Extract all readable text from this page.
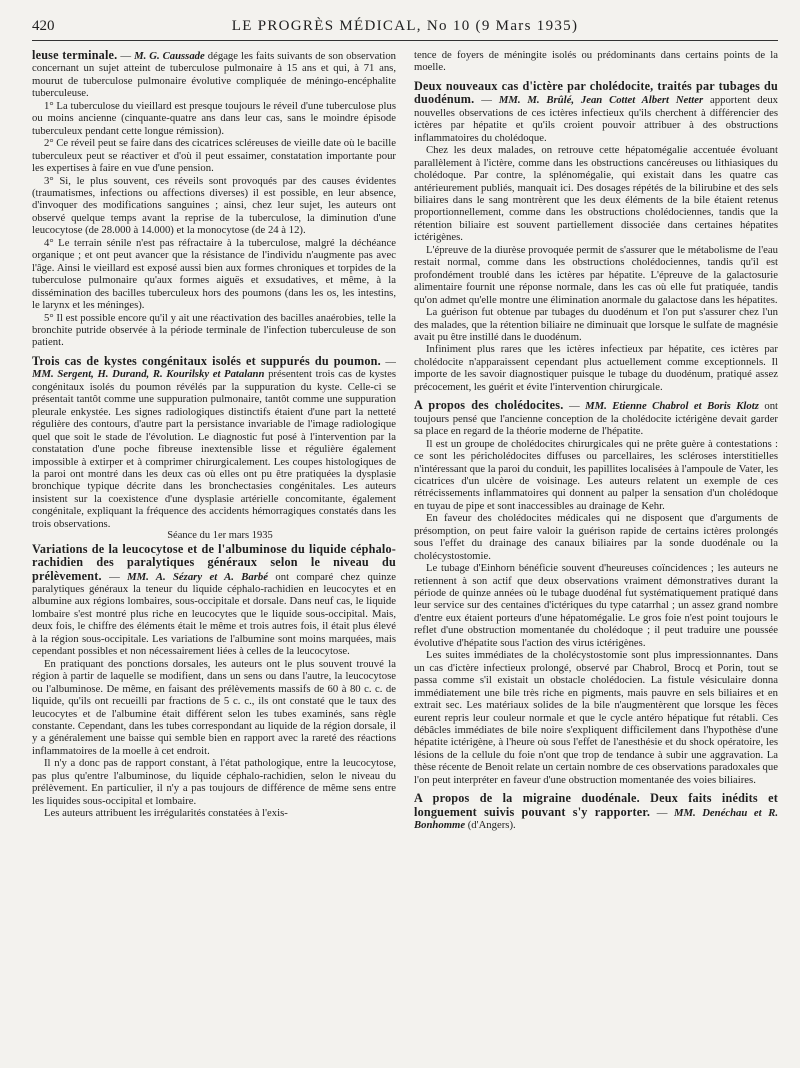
420	LE PROGRÈS MÉDICAL, No 10 (9 Mars 1935)

leuse terminale. — M. G. Caussade dégage les faits suivants de son observation concernant un sujet atteint de tuberculose pulmonaire à 15 ans et qui, à 71 ans, mourut de tuberculose pulmonaire évolutive compliquée de méningo-encéphalite tuberculeuse.

1° La tuberculose du vieillard est presque toujours le réveil d'une tuberculose plus ou moins ancienne (cinquante-quatre ans dans leur cas, sans le moindre épisode tuberculeux pendant cette longue rémission).

2° Ce réveil peut se faire dans des cicatrices scléreuses de vieille date où le bacille tuberculeux peut se réactiver et d'où il peut essaimer, constatation importante pour les expertises à faire en vue d'une pension.

3° Si, le plus souvent, ces réveils sont provoqués par des causes évidentes (traumatismes, infections ou affections diverses) il est possible, en leur absence, d'invoquer des modifications sanguines ; ainsi, chez leur sujet, les auteurs ont observé quelque temps avant la reprise de la tuberculose, la diminution d'une leucocytose (de 28.000 à 14.000) et la monocytose (de 24 à 12).

4° Le terrain sénile n'est pas réfractaire à la tuberculose, malgré la déchéance organique ; et ont peut avancer que la résistance de l'individu n'augmente pas avec l'âge. Ainsi le vieillard est exposé aussi bien aux formes chroniques et torpides de la tuberculose pulmonaire qu'aux formes aiguës et exsudatives, et même, à la dissémination des bacilles tuberculeux hors des poumons (dans les os, les intestins, le larynx et les méninges).

5° Il est possible encore qu'il y ait une réactivation des bacilles anaérobies, telle la bronchite putride observée à la période terminale de l'infection tuberculeuse de son patient.

Trois cas de kystes congénitaux isolés et suppurés du poumon. — MM. Sergent, H. Durand, R. Kourilsky et Patalann présentent trois cas de kystes congénitaux isolés du poumon révélés par la suppuration du kyste. Celle-ci se présentait tantôt comme une suppuration pulmonaire, tantôt comme une suppuration pleurale enkystée. Les signes radiologiques distinctifs étaient d'une part la netteté régulière des contours, d'autre part la persistance invariable de l'image radiologique quel que soit le stade de l'évolution. Le diagnostic fut posé à l'intervention par la constatation d'une poche fibreuse inextensible lisse et régulière également impossible à extirper et à comprimer chirurgicalement. Les coupes histologiques de la paroi ont montré dans les deux cas où elles ont pu être pratiquées la dysplasie bronchique typique décrite dans les bronchectasies congénitales. Les auteurs insistent sur la coexistence d'une dysplasie artérielle concomitante, également congénitale, expliquant la fréquence des accidents hémorragiques constatés dans les trois observations.

Séance du 1er mars 1935

Variations de la leucocytose et de l'albuminose du liquide céphalo-rachidien des paralytiques généraux selon le niveau du prélèvement. — MM. A. Sézary et A. Barbé ont comparé chez quinze paralytiques généraux la teneur du liquide céphalo-rachidien en leucocytes et en albumine aux régions lombaires, sous-occipitale et dorsale. Dans neuf cas, le liquide lombaire s'est montré plus riche en leucocytes que le liquide sous-occipital. Mais, deux fois, le chiffre des éléments était le même et trois autres fois, il était plus élevé à la région sous-occipitale. Les variations de l'albumine sont moins marquées, mais cependant possibles et non nécessairement liées à celles de la leucocytose.

En pratiquant des ponctions dorsales, les auteurs ont le plus souvent trouvé la région à partir de laquelle se modifient, dans un sens ou dans l'autre, la leucocytose ou l'albuminose. De même, en faisant des prélèvements massifs de 60 à 80 c. c. de liquide, qu'ils ont recueilli par fractions de 5 c. c., ils ont constaté que le taux des leucocytes et de l'albumine était différent selon les tubes examinés, sans règle constante. Cependant, dans les tubes correspondant au liquide de la région dorsale, il y a généralement une baisse qui semble bien en rapport avec la rareté des réactions inflammatoires de la moelle à cet endroit.

Il n'y a donc pas de rapport constant, à l'état pathologique, entre la leucocytose, pas plus qu'entre l'albuminose, du liquide céphalo-rachidien, selon le niveau du prélèvement. En particulier, il n'y a pas toujours de différence de même sens entre les liquides sous-occipital et lombaire.

Les auteurs attribuent les irrégularités constatées à l'exis-

tence de foyers de méningite isolés ou prédominants dans certains points de la moelle.

Deux nouveaux cas d'ictère par cholédocite, traités par tubages du duodénum. — MM. M. Brûlé, Jean Cottet Albert Netter apportent deux nouvelles observations de ces ictères infectieux qu'ils cherchent à différencier des ictères par hépatite et qu'ils croient pouvoir attribuer à des obstructions inflammatoires du cholédoque.

Chez les deux malades, on retrouve cette hépatomégalie accentuée évoluant parallèlement à l'ictère, comme dans les obstructions cancéreuses ou lithiasiques du cholédoque. Par contre, la splénomégalie, qui existait dans les quatre cas antérieurement publiés, manquait ici. Des dosages répétés de la bilirubine et des sels biliaires dans le sang montrèrent que les deux éléments de la bile étaient retenus proportionnellement, comme dans les obstructions cholédociennes, tandis que la rétention biliaire est souvent partiellement dissociée dans certaines hépatites ictérigènes.

L'épreuve de la diurèse provoquée permit de s'assurer que le métabolisme de l'eau restait normal, comme dans les obstructions cholédociennes, tandis qu'il est profondément troublé dans les ictères par hépatite. L'épreuve de la galactosurie alimentaire fournit une réponse normale, dans les cas où elle fut pratiquée, tandis qu'on admet qu'elle montre une élimination anormale du galactose dans les hépatites.

La guérison fut obtenue par tubages du duodénum et l'on put s'assurer chez l'un des malades, que la rétention biliaire ne diminuait que lorsque le sulfate de magnésie avait pu être instillé dans le duodénum.

Infiniment plus rares que les ictères infectieux par hépatite, ces ictères par cholédocite n'apparaissent cependant plus actuellement comme exceptionnels. Il importe de les savoir diagnostiquer puisque le tubage du duodénum, pratiqué assez précocement, les guérit et évite l'intervention chirurgicale.

A propos des cholédocites. — MM. Etienne Chabrol et Boris Klotz ont toujours pensé que l'ancienne conception de la cholédocite ictérigène devait garder sa place en regard de la théorie moderne de l'hépatite.

Il est un groupe de cholédocites chirurgicales qui ne prête guère à contestations : ce sont les péricholédocites diffuses ou parcellaires, les scléroses interstitielles n'intéressant que la paroi du conduit, les papillites localisées à l'ampoule de Vater, les cicatrices d'un ulcère de voisinage. Les auteurs relatent un exemple de ces rétrécissements inflammatoires qui donnent au palper la sensation d'un cholédoque en tuyau de pipe et sont inaccessibles au drainage de Kehr.

En faveur des cholédocites médicales qui ne disposent que d'arguments de présomption, on peut faire valoir la guérison rapide de certains ictères prolongés sous l'effet du drainage des canaux biliaires par la sonde duodénale ou la cholécystostomie.

Le tubage d'Einhorn bénéficie souvent d'heureuses coïncidences ; les auteurs ne retiennent à son actif que deux observations vraiment démonstratives durant la période de quinze années où le tubage duodénal fut systématiquement pratiqué dans leur service sur des centaines d'ictériques du type catarrhal ; un assez grand nombre d'entre eux étaient porteurs d'une hépatomégalie. Le gros foie n'est point toujours le reflet d'une obstruction momentanée du cholédoque ; il peut traduire une poussée évolutive d'hépatite sous l'action des virus ictérigènes.

Les suites immédiates de la cholécystostomie sont plus impressionnantes. Dans un cas d'ictère infectieux prolongé, observé par Chabrol, Brocq et Porin, tout se passa comme s'il existait un obstacle cholédocien. La fistule vésiculaire donna immédiatement une bile très riche en pigments, mais pauvre en sels biliaires et en extrait sec. Les matériaux solides de la bile n'augmentèrent que lorsque les fèces eurent repris leur couleur normale et que le cycle antéro hépatique fut rétabli. Ces débâcles immédiates de bile noire s'expliquent difficilement dans l'hypothèse d'une hépatite ictérigène, à l'heure où sous l'effet de l'anesthésie et du shock opératoire, les lésions de la cellule du foie n'ont que trop de tendance à subir une aggravation. La thèse récente de Benoit relate un certain nombre de ces observations paradoxales que l'on peut interpréter en faveur d'une obstruction momentanée des voies biliaires.

A propos de la migraine duodénale. Deux faits inédits et longuement suivis pouvant s'y rapporter. — MM. Denéchau et R. Bonhomme (d'Angers).
